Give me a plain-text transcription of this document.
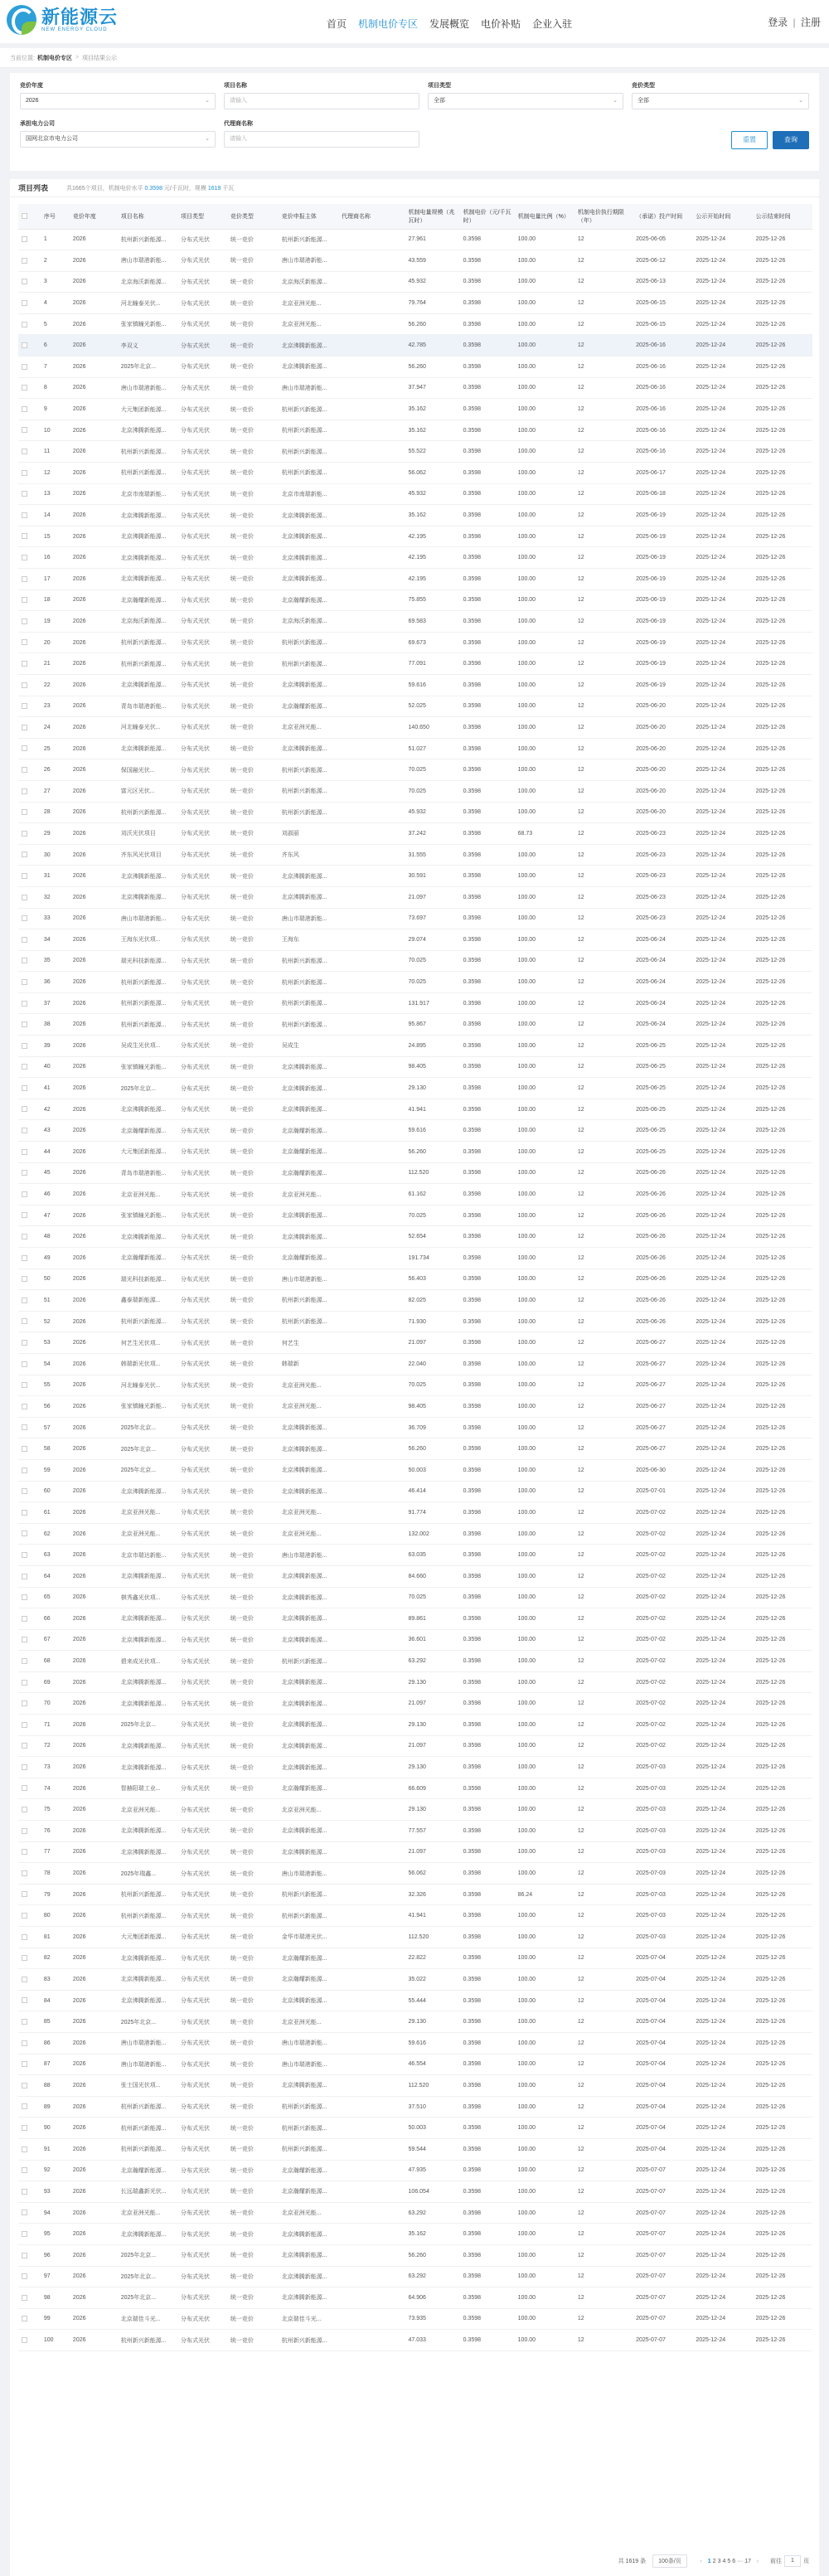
新能源云
NEW ENERGY CLOUD	首页 机制电价专区 发展概览 电价补贴 企业入驻	登录 | 注册
当前位置: 机制电价专区 > 项目结果公示
竞价年度
2026	⌄
项目名称
请输入
项目类型
全部	⌄
竞价类型
全部	⌄
承担电力公司
国网北京市电力公司	⌄
代理商名称
请输入	重置	查询
项目列表	共1665个项目，机制电价水平 0.3598 元/千瓦时，规模 1619 千瓦
	序号	竞价年度	项目名称	项目类型	竞价类型	竞价申报主体	代理商名称	机制电量规模（兆瓦时）	机制电价（元/千瓦时）	机制电量比例（%）	机制电价执行期限（年）	（承诺）投产时间	公示开始时间	公示结束时间
	1	2026	杭州新兴新能源...	分布式光伏	统一竞价	杭州新兴新能源...		27.961	0.3598	100.00	12	2025-06-05	2025-12-24	2025-12-26
	2	2026	唐山市瑞港新能...	分布式光伏	统一竞价	唐山市瑞港新能...		43.559	0.3598	100.00	12	2025-06-12	2025-12-24	2025-12-26
	3	2026	北京海沃新能源...	分布式光伏	统一竞价	北京海沃新能源...		45.932	0.3598	100.00	12	2025-06-13	2025-12-24	2025-12-26
	4	2026	河北瞳泰光伏...	分布式光伏	统一竞价	北京亚洲光能...		79.764	0.3598	100.00	12	2025-06-15	2025-12-24	2025-12-26
	5	2026	张家镇瞳光新能...	分布式光伏	统一竞价	北京亚洲光能...		56.260	0.3598	100.00	12	2025-06-15	2025-12-24	2025-12-26
	6	2026	李双义	分布式光伏	统一竞价	北京沸腾新能源...		42.785	0.3598	100.00	12	2025-06-16	2025-12-24	2025-12-26
	7	2026	2025年北京...	分布式光伏	统一竞价	北京沸腾新能源...		56.260	0.3598	100.00	12	2025-06-16	2025-12-24	2025-12-26
	8	2026	唐山市瑞港新能...	分布式光伏	统一竞价	唐山市瑞港新能...		37.947	0.3598	100.00	12	2025-06-16	2025-12-24	2025-12-26
	9	2026	大元集团新能源...	分布式光伏	统一竞价	杭州新兴新能源...		35.162	0.3598	100.00	12	2025-06-16	2025-12-24	2025-12-26
	10	2026	北京沸腾新能源...	分布式光伏	统一竞价	杭州新兴新能源...		35.162	0.3598	100.00	12	2025-06-16	2025-12-24	2025-12-26
	11	2026	杭州新兴新能源...	分布式光伏	统一竞价	杭州新兴新能源...		55.522	0.3598	100.00	12	2025-06-16	2025-12-24	2025-12-26
	12	2026	杭州新兴新能源...	分布式光伏	统一竞价	杭州新兴新能源...		56.062	0.3598	100.00	12	2025-06-17	2025-12-24	2025-12-26
	13	2026	北京市南瑞新能...	分布式光伏	统一竞价	北京市南瑞新能...		45.932	0.3598	100.00	12	2025-06-18	2025-12-24	2025-12-26
	14	2026	北京沸腾新能源...	分布式光伏	统一竞价	北京沸腾新能源...		35.162	0.3598	100.00	12	2025-06-19	2025-12-24	2025-12-26
	15	2026	北京沸腾新能源...	分布式光伏	统一竞价	北京沸腾新能源...		42.195	0.3598	100.00	12	2025-06-19	2025-12-24	2025-12-26
	16	2026	北京沸腾新能源...	分布式光伏	统一竞价	北京沸腾新能源...		42.195	0.3598	100.00	12	2025-06-19	2025-12-24	2025-12-26
	17	2026	北京沸腾新能源...	分布式光伏	统一竞价	北京沸腾新能源...		42.195	0.3598	100.00	12	2025-06-19	2025-12-24	2025-12-26
	18	2026	北京瀚耀新能源...	分布式光伏	统一竞价	北京瀚耀新能源...		75.855	0.3598	100.00	12	2025-06-19	2025-12-24	2025-12-26
	19	2026	北京海沃新能源...	分布式光伏	统一竞价	北京海沃新能源...		69.583	0.3598	100.00	12	2025-06-19	2025-12-24	2025-12-26
	20	2026	杭州新兴新能源...	分布式光伏	统一竞价	杭州新兴新能源...		69.673	0.3598	100.00	12	2025-06-19	2025-12-24	2025-12-26
	21	2026	杭州新兴新能源...	分布式光伏	统一竞价	杭州新兴新能源...		77.091	0.3598	100.00	12	2025-06-19	2025-12-24	2025-12-26
	22	2026	北京沸腾新能源...	分布式光伏	统一竞价	北京沸腾新能源...		59.616	0.3598	100.00	12	2025-06-19	2025-12-24	2025-12-26
	23	2026	青岛市瑞港新能...	分布式光伏	统一竞价	北京瀚耀新能源...		52.025	0.3598	100.00	12	2025-06-20	2025-12-24	2025-12-26
	24	2026	河北瞳泰光伏...	分布式光伏	统一竞价	北京亚洲光能...		140.650	0.3598	100.00	12	2025-06-20	2025-12-24	2025-12-26
	25	2026	北京沸腾新能源...	分布式光伏	统一竞价	北京沸腾新能源...		51.027	0.3598	100.00	12	2025-06-20	2025-12-24	2025-12-26
	26	2026	保国融光伏...	分布式光伏	统一竞价	杭州新兴新能源...		70.025	0.3598	100.00	12	2025-06-20	2025-12-24	2025-12-26
	27	2026	富元区光伏...	分布式光伏	统一竞价	杭州新兴新能源...		70.025	0.3598	100.00	12	2025-06-20	2025-12-24	2025-12-26
	28	2026	杭州新兴新能源...	分布式光伏	统一竞价	杭州新兴新能源...		45.932	0.3598	100.00	12	2025-06-20	2025-12-24	2025-12-26
	29	2026	刘沃光伏项目	分布式光伏	统一竞价	刘淑丽		37.242	0.3598	68.73	12	2025-06-23	2025-12-24	2025-12-26
	30	2026	齐东风光伏项目	分布式光伏	统一竞价	齐东风		31.555	0.3598	100.00	12	2025-06-23	2025-12-24	2025-12-26
	31	2026	北京沸腾新能源...	分布式光伏	统一竞价	北京沸腾新能源...		30.591	0.3598	100.00	12	2025-06-23	2025-12-24	2025-12-26
	32	2026	北京沸腾新能源...	分布式光伏	统一竞价	北京沸腾新能源...		21.097	0.3598	100.00	12	2025-06-23	2025-12-24	2025-12-26
	33	2026	唐山市瑞港新能...	分布式光伏	统一竞价	唐山市瑞港新能...		73.697	0.3598	100.00	12	2025-06-23	2025-12-24	2025-12-26
	34	2026	王海东光伏项...	分布式光伏	统一竞价	王海东		29.074	0.3598	100.00	12	2025-06-24	2025-12-24	2025-12-26
	35	2026	瑞光科技新能源...	分布式光伏	统一竞价	杭州新兴新能源...		70.025	0.3598	100.00	12	2025-06-24	2025-12-24	2025-12-26
	36	2026	杭州新兴新能源...	分布式光伏	统一竞价	杭州新兴新能源...		70.025	0.3598	100.00	12	2025-06-24	2025-12-24	2025-12-26
	37	2026	杭州新兴新能源...	分布式光伏	统一竞价	杭州新兴新能源...		131.917	0.3598	100.00	12	2025-06-24	2025-12-24	2025-12-26
	38	2026	杭州新兴新能源...	分布式光伏	统一竞价	杭州新兴新能源...		95.867	0.3598	100.00	12	2025-06-24	2025-12-24	2025-12-26
	39	2026	吴成生光伏项...	分布式光伏	统一竞价	吴成生		24.895	0.3598	100.00	12	2025-06-25	2025-12-24	2025-12-26
	40	2026	张家镇瞳光新能...	分布式光伏	统一竞价	北京沸腾新能源...		98.405	0.3598	100.00	12	2025-06-25	2025-12-24	2025-12-26
	41	2026	2025年北京...	分布式光伏	统一竞价	北京沸腾新能源...		29.130	0.3598	100.00	12	2025-06-25	2025-12-24	2025-12-26
	42	2026	北京沸腾新能源...	分布式光伏	统一竞价	北京沸腾新能源...		41.941	0.3598	100.00	12	2025-06-25	2025-12-24	2025-12-26
	43	2026	北京瀚耀新能源...	分布式光伏	统一竞价	北京瀚耀新能源...		59.616	0.3598	100.00	12	2025-06-25	2025-12-24	2025-12-26
	44	2026	大元集团新能源...	分布式光伏	统一竞价	北京瀚耀新能源...		56.260	0.3598	100.00	12	2025-06-25	2025-12-24	2025-12-26
	45	2026	青岛市瑞港新能...	分布式光伏	统一竞价	北京瀚耀新能源...		112.520	0.3598	100.00	12	2025-06-26	2025-12-24	2025-12-26
	46	2026	北京亚洲光能...	分布式光伏	统一竞价	北京亚洲光能...		61.162	0.3598	100.00	12	2025-06-26	2025-12-24	2025-12-26
	47	2026	张家镇瞳光新能...	分布式光伏	统一竞价	北京沸腾新能源...		70.025	0.3598	100.00	12	2025-06-26	2025-12-24	2025-12-26
	48	2026	北京沸腾新能源...	分布式光伏	统一竞价	北京沸腾新能源...		52.654	0.3598	100.00	12	2025-06-26	2025-12-24	2025-12-26
	49	2026	北京瀚耀新能源...	分布式光伏	统一竞价	北京瀚耀新能源...		191.734	0.3598	100.00	12	2025-06-26	2025-12-24	2025-12-26
	50	2026	瑞光科技新能源...	分布式光伏	统一竞价	唐山市瑞港新能...		56.403	0.3598	100.00	12	2025-06-26	2025-12-24	2025-12-26
	51	2026	鑫泰瑞新能源...	分布式光伏	统一竞价	杭州新兴新能源...		82.025	0.3598	100.00	12	2025-06-26	2025-12-24	2025-12-26
	52	2026	杭州新兴新能源...	分布式光伏	统一竞价	杭州新兴新能源...		71.930	0.3598	100.00	12	2025-06-26	2025-12-24	2025-12-26
	53	2026	何艺生光伏项...	分布式光伏	统一竞价	何艺生		21.097	0.3598	100.00	12	2025-06-27	2025-12-24	2025-12-26
	54	2026	韩瑞新光伏项...	分布式光伏	统一竞价	韩瑞新		22.040	0.3598	100.00	12	2025-06-27	2025-12-24	2025-12-26
	55	2026	河北瞳泰光伏...	分布式光伏	统一竞价	北京亚洲光能...		70.025	0.3598	100.00	12	2025-06-27	2025-12-24	2025-12-26
	56	2026	张家镇瞳光新能...	分布式光伏	统一竞价	北京亚洲光能...		98.405	0.3598	100.00	12	2025-06-27	2025-12-24	2025-12-26
	57	2026	2025年北京...	分布式光伏	统一竞价	北京沸腾新能源...		36.709	0.3598	100.00	12	2025-06-27	2025-12-24	2025-12-26
	58	2026	2025年北京...	分布式光伏	统一竞价	北京沸腾新能源...		56.260	0.3598	100.00	12	2025-06-27	2025-12-24	2025-12-26
	59	2026	2025年北京...	分布式光伏	统一竞价	北京沸腾新能源...		50.003	0.3598	100.00	12	2025-06-30	2025-12-24	2025-12-26
	60	2026	北京沸腾新能源...	分布式光伏	统一竞价	北京沸腾新能源...		46.414	0.3598	100.00	12	2025-07-01	2025-12-24	2025-12-26
	61	2026	北京亚洲光能...	分布式光伏	统一竞价	北京亚洲光能...		91.774	0.3598	100.00	12	2025-07-02	2025-12-24	2025-12-26
	62	2026	北京亚洲光能...	分布式光伏	统一竞价	北京亚洲光能...		132.002	0.3598	100.00	12	2025-07-02	2025-12-24	2025-12-26
	63	2026	北京市瑞达新能...	分布式光伏	统一竞价	唐山市瑞港新能...		63.035	0.3598	100.00	12	2025-07-02	2025-12-24	2025-12-26
	64	2026	北京沸腾新能源...	分布式光伏	统一竞价	北京沸腾新能源...		84.660	0.3598	100.00	12	2025-07-02	2025-12-24	2025-12-26
	65	2026	棋秀鑫光伏项...	分布式光伏	统一竞价	北京沸腾新能源...		70.025	0.3598	100.00	12	2025-07-02	2025-12-24	2025-12-26
	66	2026	北京沸腾新能源...	分布式光伏	统一竞价	北京沸腾新能源...		89.861	0.3598	100.00	12	2025-07-02	2025-12-24	2025-12-26
	67	2026	北京沸腾新能源...	分布式光伏	统一竞价	北京沸腾新能源...		36.601	0.3598	100.00	12	2025-07-02	2025-12-24	2025-12-26
	68	2026	碧来成光伏项...	分布式光伏	统一竞价	杭州新兴新能源...		63.292	0.3598	100.00	12	2025-07-02	2025-12-24	2025-12-26
	69	2026	北京沸腾新能源...	分布式光伏	统一竞价	北京沸腾新能源...		29.130	0.3598	100.00	12	2025-07-02	2025-12-24	2025-12-26
	70	2026	北京沸腾新能源...	分布式光伏	统一竞价	北京沸腾新能源...		21.097	0.3598	100.00	12	2025-07-02	2025-12-24	2025-12-26
	71	2026	2025年北京...	分布式光伏	统一竞价	北京沸腾新能源...		29.130	0.3598	100.00	12	2025-07-02	2025-12-24	2025-12-26
	72	2026	北京沸腾新能源...	分布式光伏	统一竞价	北京沸腾新能源...		21.097	0.3598	100.00	12	2025-07-02	2025-12-24	2025-12-26
	73	2026	北京沸腾新能源...	分布式光伏	统一竞价	北京沸腾新能源...		29.130	0.3598	100.00	12	2025-07-03	2025-12-24	2025-12-26
	74	2026	智赫阳瑞工业...	分布式光伏	统一竞价	北京瀚耀新能源...		66.609	0.3598	100.00	12	2025-07-03	2025-12-24	2025-12-26
	75	2026	北京亚洲光能...	分布式光伏	统一竞价	北京亚洲光能...		29.130	0.3598	100.00	12	2025-07-03	2025-12-24	2025-12-26
	76	2026	北京沸腾新能源...	分布式光伏	统一竞价	北京沸腾新能源...		77.557	0.3598	100.00	12	2025-07-03	2025-12-24	2025-12-26
	77	2026	北京沸腾新能源...	分布式光伏	统一竞价	北京沸腾新能源...		21.097	0.3598	100.00	12	2025-07-03	2025-12-24	2025-12-26
	78	2026	2025年瑞鑫...	分布式光伏	统一竞价	唐山市瑞港新能...		56.062	0.3598	100.00	12	2025-07-03	2025-12-24	2025-12-26
	79	2026	杭州新兴新能源...	分布式光伏	统一竞价	杭州新兴新能源...		32.326	0.3598	86.24	12	2025-07-03	2025-12-24	2025-12-26
	80	2026	杭州新兴新能源...	分布式光伏	统一竞价	杭州新兴新能源...		41.941	0.3598	100.00	12	2025-07-03	2025-12-24	2025-12-26
	81	2026	大元集团新能源...	分布式光伏	统一竞价	金华市瑞港光伏...		112.520	0.3598	100.00	12	2025-07-03	2025-12-24	2025-12-26
	82	2026	北京沸腾新能源...	分布式光伏	统一竞价	北京瀚耀新能源...		22.822	0.3598	100.00	12	2025-07-04	2025-12-24	2025-12-26
	83	2026	北京沸腾新能源...	分布式光伏	统一竞价	北京瀚耀新能源...		35.022	0.3598	100.00	12	2025-07-04	2025-12-24	2025-12-26
	84	2026	北京沸腾新能源...	分布式光伏	统一竞价	北京沸腾新能源...		55.444	0.3598	100.00	12	2025-07-04	2025-12-24	2025-12-26
	85	2026	2025年北京...	分布式光伏	统一竞价	北京亚洲光能...		29.130	0.3598	100.00	12	2025-07-04	2025-12-24	2025-12-26
	86	2026	唐山市瑞港新能...	分布式光伏	统一竞价	唐山市瑞港新能...		59.616	0.3598	100.00	12	2025-07-04	2025-12-24	2025-12-26
	87	2026	唐山市瑞港新能...	分布式光伏	统一竞价	唐山市瑞港新能...		46.554	0.3598	100.00	12	2025-07-04	2025-12-24	2025-12-26
	88	2026	张士国光伏项...	分布式光伏	统一竞价	北京沸腾新能源...		112.520	0.3598	100.00	12	2025-07-04	2025-12-24	2025-12-26
	89	2026	杭州新兴新能源...	分布式光伏	统一竞价	杭州新兴新能源...		37.510	0.3598	100.00	12	2025-07-04	2025-12-24	2025-12-26
	90	2026	杭州新兴新能源...	分布式光伏	统一竞价	杭州新兴新能源...		50.003	0.3598	100.00	12	2025-07-04	2025-12-24	2025-12-26
	91	2026	杭州新兴新能源...	分布式光伏	统一竞价	杭州新兴新能源...		59.544	0.3598	100.00	12	2025-07-04	2025-12-24	2025-12-26
	92	2026	北京瀚耀新能源...	分布式光伏	统一竞价	北京瀚耀新能源...		47.935	0.3598	100.00	12	2025-07-07	2025-12-24	2025-12-26
	93	2026	长远瑞鑫新光伏...	分布式光伏	统一竞价	北京瀚耀新能源...		106.054	0.3598	100.00	12	2025-07-07	2025-12-24	2025-12-26
	94	2026	北京亚洲光能...	分布式光伏	统一竞价	北京亚洲光能...		63.292	0.3598	100.00	12	2025-07-07	2025-12-24	2025-12-26
	95	2026	北京沸腾新能源...	分布式光伏	统一竞价	北京沸腾新能源...		35.162	0.3598	100.00	12	2025-07-07	2025-12-24	2025-12-26
	96	2026	2025年北京...	分布式光伏	统一竞价	北京沸腾新能源...		56.260	0.3598	100.00	12	2025-07-07	2025-12-24	2025-12-26
	97	2026	2025年北京...	分布式光伏	统一竞价	北京沸腾新能源...		63.292	0.3598	100.00	12	2025-07-07	2025-12-24	2025-12-26
	98	2026	2025年北京...	分布式光伏	统一竞价	北京沸腾新能源...		64.906	0.3598	100.00	12	2025-07-07	2025-12-24	2025-12-26
	99	2026	北京瑞佳斗光...	分布式光伏	统一竞价	北京瑞佳斗光...		73.935	0.3598	100.00	12	2025-07-07	2025-12-24	2025-12-26
	100	2026	杭州新兴新能源...	分布式光伏	统一竞价	杭州新兴新能源...		47.033	0.3598	100.00	12	2025-07-07	2025-12-24	2025-12-26
共 1619 条	100条/页	‹ 1 2 3 4 5 6 ··· 17 ›	前往 1 页
